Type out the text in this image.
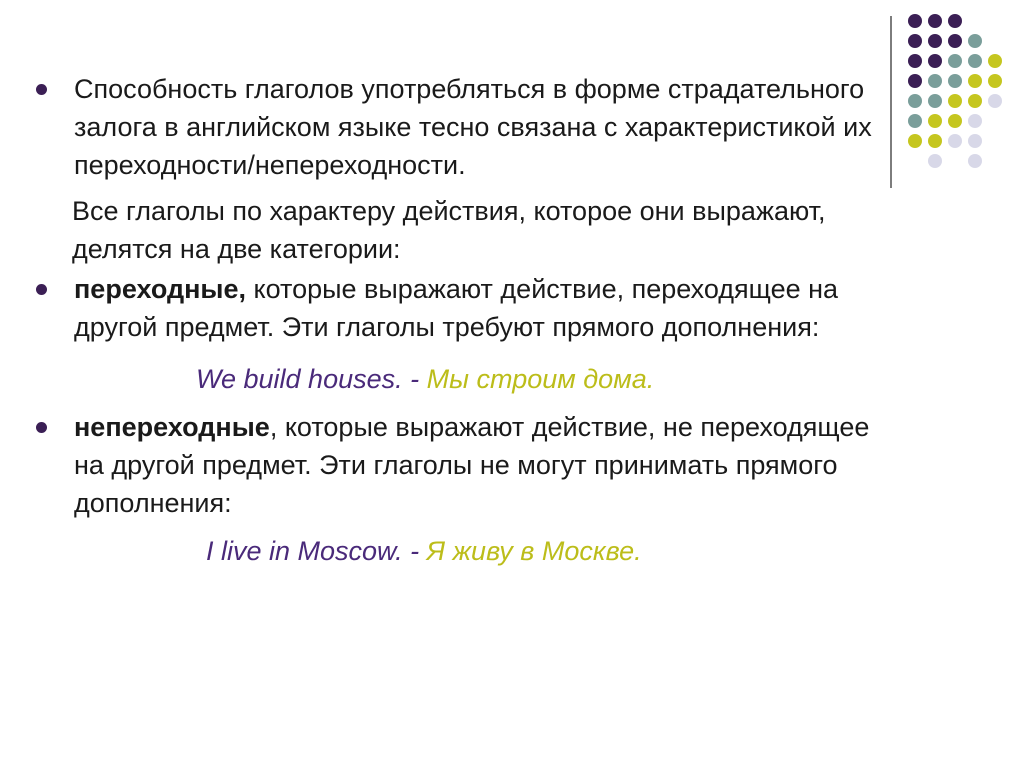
Способность глаголов употребляться в форме страдательного залога в английском языке тесно связана с характеристикой их переходности/непереходности.
Все глаголы по характеру действия, которое они выражают, делятся на две категории:
переходные, которые выражают действие, переходящее на другой предмет. Эти глаголы требуют прямого дополнения:
We build houses. - Мы строим дома.
непереходные, которые выражают действие, не переходящее на другой предмет. Эти глаголы не могут принимать прямого дополнения:
I live in Moscow. - Я живу в Москве.
